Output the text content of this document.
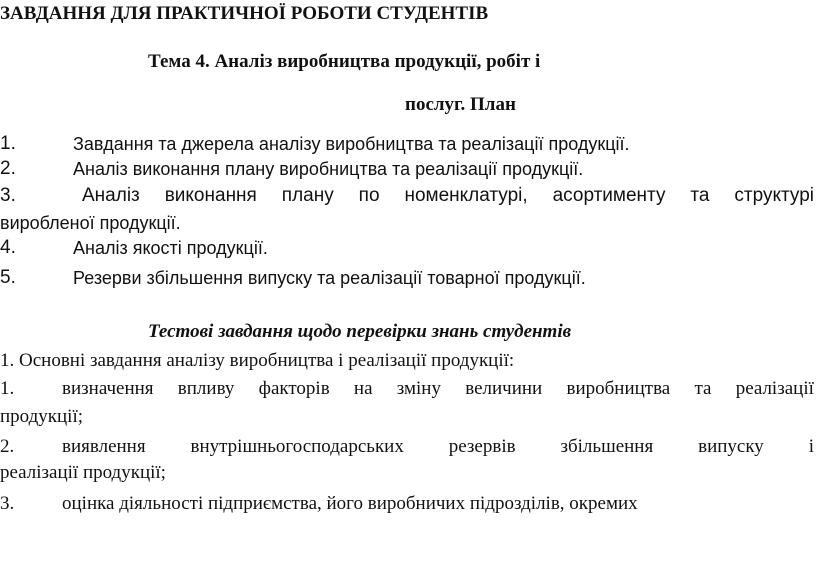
ЗАВДАННЯ ДЛЯ ПРАКТИЧНОЇ РОБОТИ СТУДЕНТІВ
Тема 4. Аналіз виробництва продукції, робіт і
послуг. План
1.	Завдання та джерела аналізу виробництва та реалізації продукції.
2.	Аналіз виконання плану виробництва та реалізації продукції.
3.	Аналіз виконання плану по номенклатурі, асортименту та структурі
виробленої продукції.
4.	Аналіз якості продукції.
5.	Резерви збільшення випуску та реалізації товарної продукції.
Тестові завдання щодо перевірки знань студентів
1. Основні завдання аналізу виробництва і реалізації продукції:
1.	визначення впливу факторів на зміну величини виробництва та реалізації
продукції;
2.	виявлення внутрішньогосподарських резервів збільшення випуску і
реалізації продукції;
3.	оцінка діяльності підприємства, його виробничих підрозділів, окремих
